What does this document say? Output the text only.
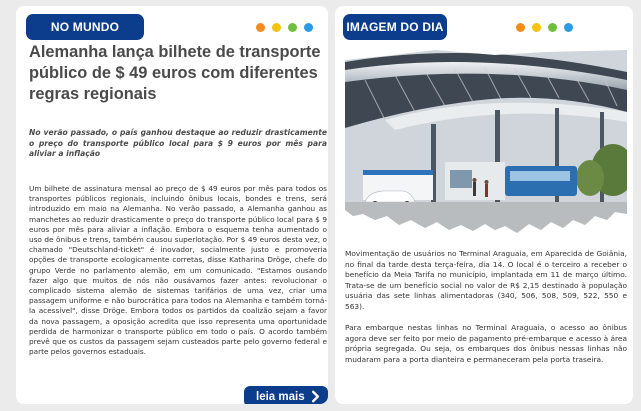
NO MUNDO
Alemanha lança bilhete de transporte público de $ 49 euros com diferentes regras regionais

No verão passado, o país ganhou destaque ao reduzir drasticamente o preço do transporte público local para $ 9 euros por mês para aliviar a inflação

Um bilhete de assinatura mensal ao preço de $ 49 euros por mês para todos os transportes públicos regionais, incluindo ônibus locais, bondes e trens, será introduzido em maio na Alemanha. No verão passado, a Alemanha ganhou as manchetes ao reduzir drasticamente o preço do transporte público local para $ 9 euros por mês para aliviar a inflação. Embora o esquema tenha aumentado o uso de ônibus e trens, também causou superlotação. Por $ 49 euros desta vez, o chamado "Deutschland-ticket" é inovador, socialmente justo e promoveria opções de transporte ecologicamente corretas, disse Katharina Dröge, chefe do grupo Verde no parlamento alemão, em um comunicado. "Estamos ousando fazer algo que muitos de nós não ousávamos fazer antes: revolucionar o complicado sistema alemão de sistemas tarifários de uma vez, criar uma passagem uniforme e não burocrática para todos na Alemanha e também torná-la acessível", disse Dröge. Embora todos os partidos da coalizão sejam a favor da nova passagem, a oposição acredita que isso representa uma oportunidade perdida de harmonizar o transporte público em todo o país. O acordo também prevê que os custos da passagem sejam custeados parte pelo governo federal e parte pelos governos estaduais.

leia mais
IMAGEM DO DIA

Movimentação de usuários no Terminal Araguaia, em Aparecida de Goiânia, no final da tarde desta terça-feira, dia 14. O local é o terceiro a receber o benefício da Meia Tarifa no município, implantada em 11 de março último. Trata-se de um benefício social no valor de R$ 2,15 destinado à população usuária das sete linhas alimentadoras (340, 506, 508, 509, 522, 550 e 563).

Para embarque nestas linhas no Terminal Araguaia, o acesso ao ônibus agora deve ser feito por meio de pagamento pré-embarque e acesso à área própria segregada. Ou seja, os embarques dos ônibus nessas linhas não mudaram para a porta dianteira e permaneceram pela porta traseira.
